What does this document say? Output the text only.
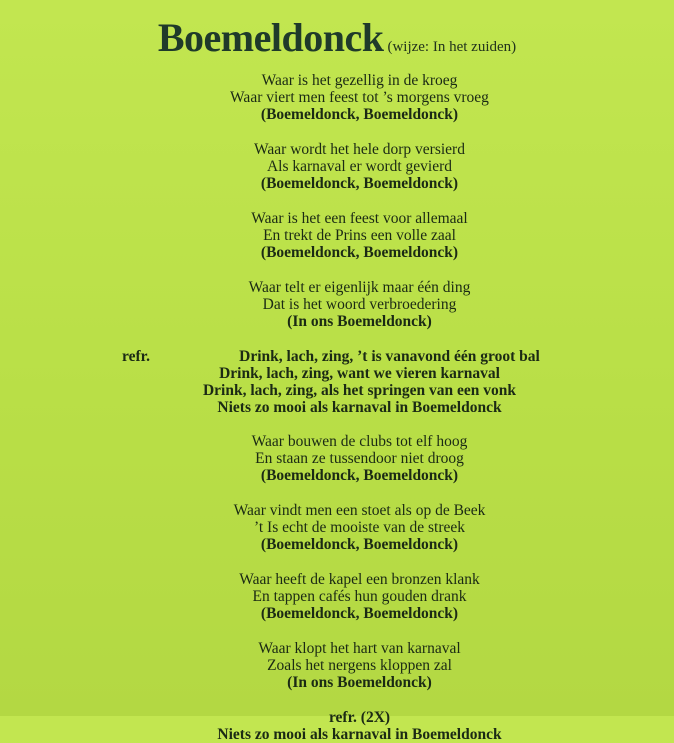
Boemeldonck (wijze: In het zuiden)
Waar is het gezellig in de kroeg
Waar viert men feest tot ’s morgens vroeg
(Boemeldonck, Boemeldonck)
Waar wordt het hele dorp versierd
Als karnaval er wordt gevierd
(Boemeldonck, Boemeldonck)
Waar is het een feest voor allemaal
En trekt de Prins een volle zaal
(Boemeldonck, Boemeldonck)
Waar telt er eigenlijk maar één ding
Dat is het woord verbroedering
(In ons Boemeldonck)
refr.	Drink, lach, zing, ’t is vanavond één groot bal
Drink, lach, zing, want we vieren karnaval
Drink, lach, zing, als het springen van een vonk
Niets zo mooi als karnaval in Boemeldonck
Waar bouwen de clubs tot elf hoog
En staan ze tussendoor niet droog
(Boemeldonck, Boemeldonck)
Waar vindt men een stoet als op de Beek
’t Is echt de mooiste van de streek
(Boemeldonck, Boemeldonck)
Waar heeft de kapel een bronzen klank
En tappen cafés hun gouden drank
(Boemeldonck, Boemeldonck)
Waar klopt het hart van karnaval
Zoals het nergens kloppen zal
(In ons Boemeldonck)
refr. (2X)
Niets zo mooi als karnaval in Boemeldonck
